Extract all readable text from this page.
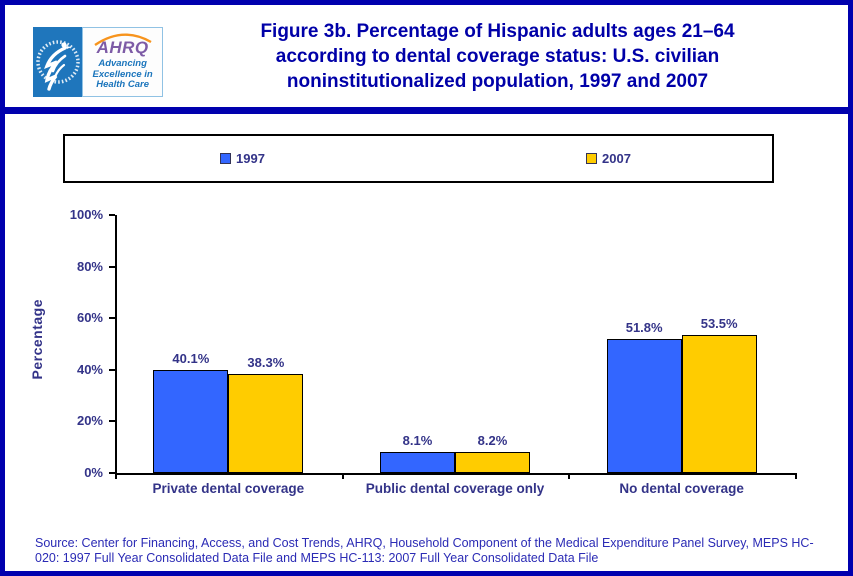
AHRQ
Advancing
Excellence in
Health Care
Figure 3b. Percentage of Hispanic adults ages 21–64
according to dental coverage status: U.S. civilian
noninstitutionalized population, 1997 and 2007
1997	2007
Percentage
0%
20%
40%
60%
80%
100%
40.1%	38.3%
Private dental coverage
8.1%	8.2%
Public dental coverage only
51.8%	53.5%
No dental coverage
Source: Center for Financing, Access, and Cost Trends, AHRQ, Household Component of the Medical Expenditure Panel Survey, MEPS HC-
020: 1997 Full Year Consolidated Data File and MEPS HC-113: 2007 Full Year Consolidated Data File
